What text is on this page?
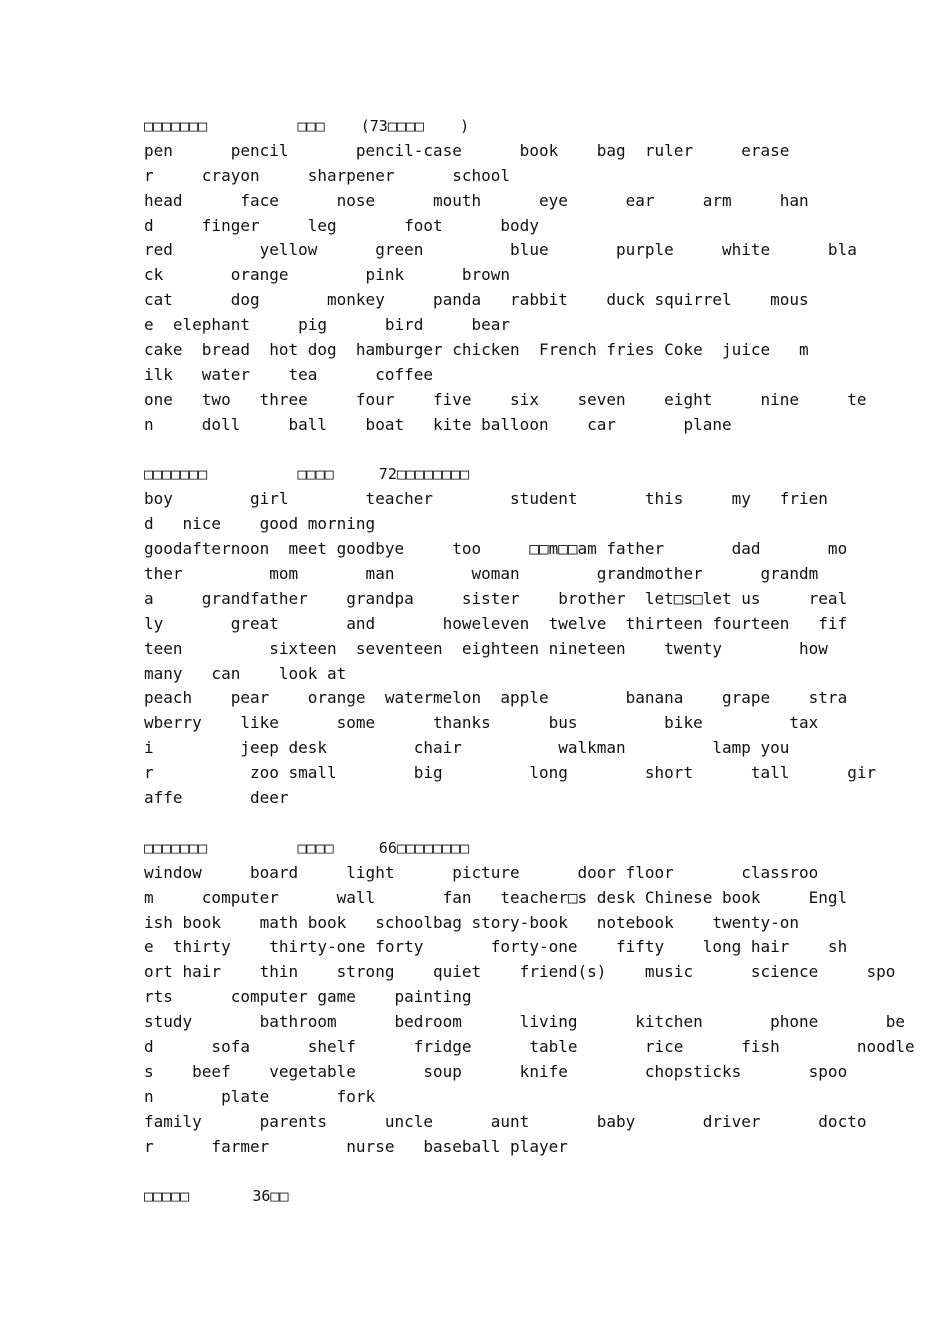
□□□□□□□          □□□    (73□□□□    )
pen      pencil       pencil-case      book    bag  ruler     erase
r     crayon     sharpener      school
head      face      nose      mouth      eye      ear     arm     han
d     finger     leg       foot      body
red         yellow      green         blue       purple     white      bla
ck       orange        pink      brown
cat      dog       monkey     panda   rabbit    duck squirrel    mous
e  elephant     pig      bird     bear
cake  bread  hot dog  hamburger chicken  French fries Coke  juice   m
ilk   water    tea      coffee
one   two   three     four    five    six    seven    eight     nine     te
n     doll     ball    boat   kite balloon    car       plane
□□□□□□□          □□□□     72□□□□□□□□
boy        girl        teacher        student       this     my   frien
d   nice    good morning
goodafternoon  meet goodbye     too     □□m□□am father       dad       mo
ther         mom       man        woman        grandmother      grandm
a     grandfather    grandpa     sister    brother  let□s□let us     real
ly       great       and       howeleven  twelve  thirteen fourteen   fif
teen         sixteen  seventeen  eighteen nineteen    twenty        how
many   can    look at
peach    pear    orange  watermelon  apple        banana    grape    stra
wberry    like      some      thanks      bus         bike         tax
i         jeep desk         chair          walkman         lamp you
r          zoo small        big         long        short      tall      gir
affe       deer
□□□□□□□          □□□□     66□□□□□□□□
window     board     light      picture      door floor       classroo
m     computer      wall       fan   teacher□s desk Chinese book     Engl
ish book    math book   schoolbag story-book   notebook    twenty-on
e  thirty    thirty-one forty       forty-one    fifty    long hair    sh
ort hair    thin    strong    quiet    friend(s)    music      science     spo
rts      computer game    painting
study       bathroom      bedroom      living      kitchen       phone       be
d      sofa      shelf      fridge      table       rice      fish        noodle
s    beef    vegetable       soup      knife        chopsticks       spoo
n       plate       fork
family      parents      uncle      aunt       baby       driver      docto
r      farmer        nurse   baseball player
□□□□□       36□□
